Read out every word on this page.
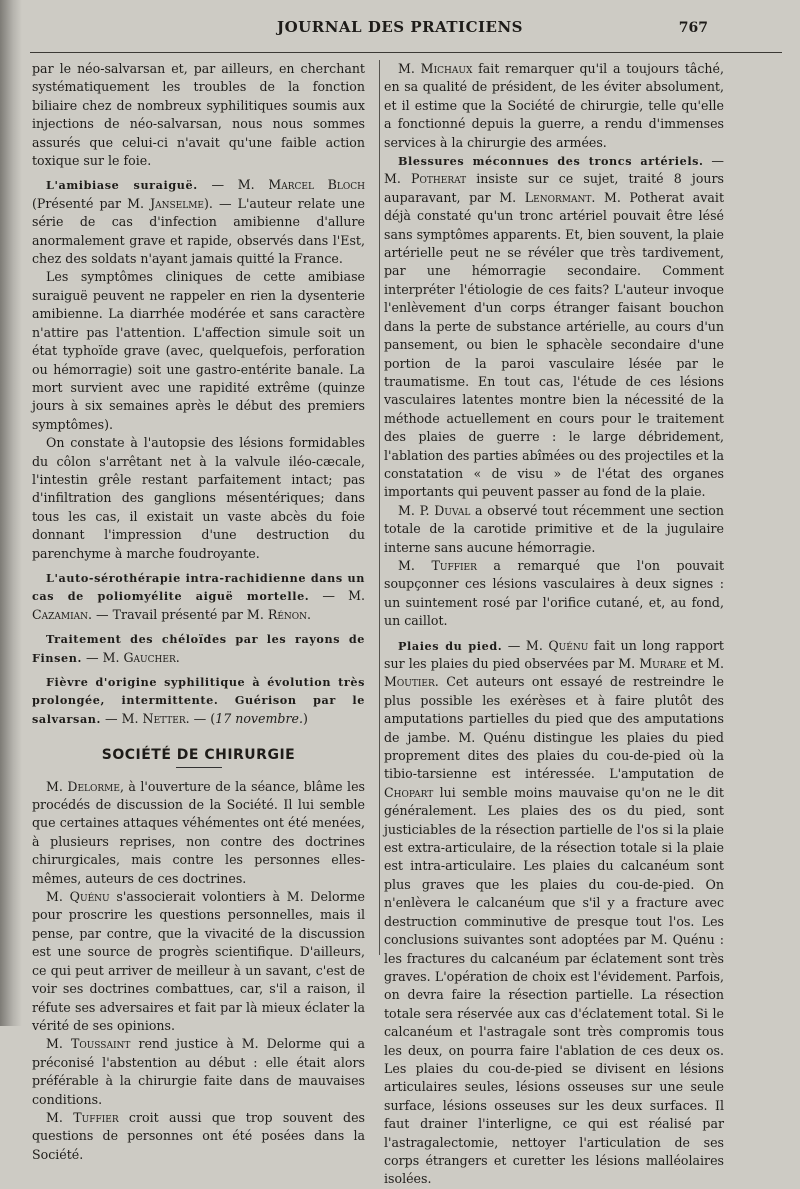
JOURNAL DES PRATICIENS	767

par le néo-salvarsan et, par ailleurs, en cherchant systématiquement les troubles de la fonction biliaire chez de nombreux syphilitiques soumis aux injections de néo-salvarsan, nous nous sommes assurés que celui-ci n'avait qu'une faible action toxique sur le foie.

L'amibiase suraiguë. — M. Marcel Bloch (Présenté par M. Janselme). — L'auteur relate une série de cas d'infection amibienne d'allure anormalement grave et rapide, observés dans l'Est, chez des soldats n'ayant jamais quitté la France.

Les symptômes cliniques de cette amibiase suraiguë peuvent ne rappeler en rien la dysenterie amibienne. La diarrhée modérée et sans caractère n'attire pas l'attention. L'affection simule soit un état typhoïde grave (avec, quelquefois, perforation ou hémorragie) soit une gastro-entérite banale. La mort survient avec une rapidité extrême (quinze jours à six semaines après le début des premiers symptômes).

On constate à l'autopsie des lésions formidables du côlon s'arrêtant net à la valvule iléo-cæcale, l'intestin grêle restant parfaitement intact; pas d'infiltration des ganglions mésentériques; dans tous les cas, il existait un vaste abcès du foie donnant l'impression d'une destruction du parenchyme à marche foudroyante.

L'auto-sérothérapie intra-rachidienne dans un cas de poliomyélite aiguë mortelle. — M. Cazamian. — Travail présenté par M. Rénon.

Traitement des chéloïdes par les rayons de Finsen. — M. Gaucher.

Fièvre d'origine syphilitique à évolution très prolongée, intermittente. Guérison par le salvarsan. — M. Netter. — (17 novembre.)

SOCIÉTÉ DE CHIRURGIE

M. Delorme, à l'ouverture de la séance, blâme les procédés de discussion de la Société. Il lui semble que certaines attaques véhémentes ont été menées, à plusieurs reprises, non contre des doctrines chirurgicales, mais contre les personnes elles-mêmes, auteurs de ces doctrines.

M. Quénu s'associerait volontiers à M. Delorme pour proscrire les questions personnelles, mais il pense, par contre, que la vivacité de la discussion est une source de progrès scientifique. D'ailleurs, ce qui peut arriver de meilleur à un savant, c'est de voir ses doctrines combattues, car, s'il a raison, il réfute ses adversaires et fait par là mieux éclater la vérité de ses opinions.

M. Toussaint rend justice à M. Delorme qui a préconisé l'abstention au début : elle était alors préférable à la chirurgie faite dans de mauvaises conditions.

M. Tuffier croit aussi que trop souvent des questions de personnes ont été posées dans la Société.

M. Michaux fait remarquer qu'il a toujours tâché, en sa qualité de président, de les éviter absolument, et il estime que la Société de chirurgie, telle qu'elle a fonctionné depuis la guerre, a rendu d'immenses services à la chirurgie des armées.

Blessures méconnues des troncs artériels. — M. Potherat insiste sur ce sujet, traité 8 jours auparavant, par M. Lenormant. M. Potherat avait déjà constaté qu'un tronc artériel pouvait être lésé sans symptômes apparents. Et, bien souvent, la plaie artérielle peut ne se révéler que très tardivement, par une hémorragie secondaire. Comment interpréter l'étiologie de ces faits? L'auteur invoque l'enlèvement d'un corps étranger faisant bouchon dans la perte de substance artérielle, au cours d'un pansement, ou bien le sphacèle secondaire d'une portion de la paroi vasculaire lésée par le traumatisme. En tout cas, l'étude de ces lésions vasculaires latentes montre bien la nécessité de la méthode actuellement en cours pour le traitement des plaies de guerre : le large débridement, l'ablation des parties abîmées ou des projectiles et la constatation « de visu » de l'état des organes importants qui peuvent passer au fond de la plaie.

M. P. Duval a observé tout récemment une section totale de la carotide primitive et de la jugulaire interne sans aucune hémorragie.

M. Tuffier a remarqué que l'on pouvait soupçonner ces lésions vasculaires à deux signes : un suintement rosé par l'orifice cutané, et, au fond, un caillot.

Plaies du pied. — M. Quénu fait un long rapport sur les plaies du pied observées par M. Murare et M. Moutier. Cet auteurs ont essayé de restreindre le plus possible les exérèses et à faire plutôt des amputations partielles du pied que des amputations de jambe. M. Quénu distingue les plaies du pied proprement dites des plaies du cou-de-pied où la tibio-tarsienne est intéressée. L'amputation de Chopart lui semble moins mauvaise qu'on ne le dit généralement. Les plaies des os du pied, sont justiciables de la résection partielle de l'os si la plaie est extra-articulaire, de la résection totale si la plaie est intra-articulaire. Les plaies du calcanéum sont plus graves que les plaies du cou-de-pied. On n'enlèvera le calcanéum que s'il y a fracture avec destruction comminutive de presque tout l'os. Les conclusions suivantes sont adoptées par M. Quénu : les fractures du calcanéum par éclatement sont très graves. L'opération de choix est l'évidement. Parfois, on devra faire la résection partielle. La résection totale sera réservée aux cas d'éclatement total. Si le calcanéum et l'astragale sont très compromis tous les deux, on pourra faire l'ablation de ces deux os. Les plaies du cou-de-pied se divisent en lésions articulaires seules, lésions osseuses sur une seule surface, lésions osseuses sur les deux surfaces. Il faut drainer l'interligne, ce qui est réalisé par l'astragalectomie, nettoyer l'articulation de ses corps étrangers et curetter les lésions malléolaires isolées.
